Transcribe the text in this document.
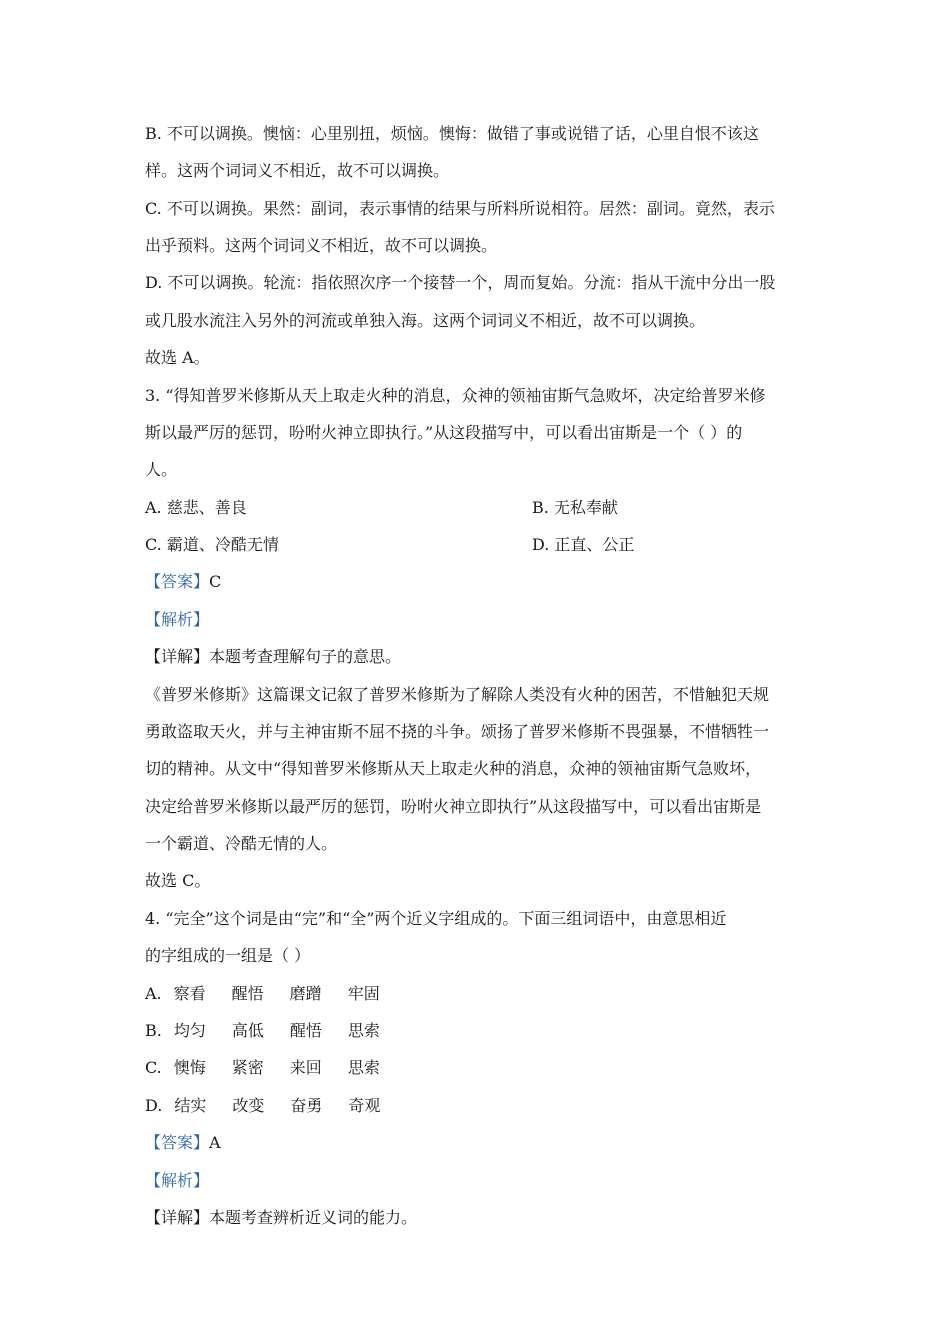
B. 不可以调换。懊恼：心里别扭，烦恼。懊悔：做错了事或说错了话，心里自恨不该这
样。这两个词词义不相近，故不可以调换。
C. 不可以调换。果然：副词，表示事情的结果与所料所说相符。居然：副词。竟然，表示
出乎预料。这两个词词义不相近，故不可以调换。
D. 不可以调换。轮流：指依照次序一个接替一个，周而复始。分流：指从干流中分出一股
或几股水流注入另外的河流或单独入海。这两个词词义不相近，故不可以调换。
故选 A。
3. “得知普罗米修斯从天上取走火种的消息，众神的领袖宙斯气急败坏，决定给普罗米修
斯以最严厉的惩罚，吩咐火神立即执行。”从这段描写中，可以看出宙斯是一个（ ）的
人。
A. 慈悲、善良	B. 无私奉献
C. 霸道、冷酷无情	D. 正直、公正
【答案】C
【解析】
【详解】本题考查理解句子的意思。
《普罗米修斯》这篇课文记叙了普罗米修斯为了解除人类没有火种的困苦，不惜触犯天规
勇敢盗取天火，并与主神宙斯不屈不挠的斗争。颂扬了普罗米修斯不畏强暴，不惜牺牲一
切的精神。从文中“得知普罗米修斯从天上取走火种的消息，众神的领袖宙斯气急败坏，
决定给普罗米修斯以最严厉的惩罚，吩咐火神立即执行”从这段描写中，可以看出宙斯是
一个霸道、冷酷无情的人。
故选 C。
4. “完全”这个词是由“完”和“全”两个近义字组成的。下面三组词语中，由意思相近
的字组成的一组是（ ）
A. 察看 醒悟 磨蹭 牢固
B. 均匀 高低 醒悟 思索
C. 懊悔 紧密 来回 思索
D. 结实 改变 奋勇 奇观
【答案】A
【解析】
【详解】本题考查辨析近义词的能力。
